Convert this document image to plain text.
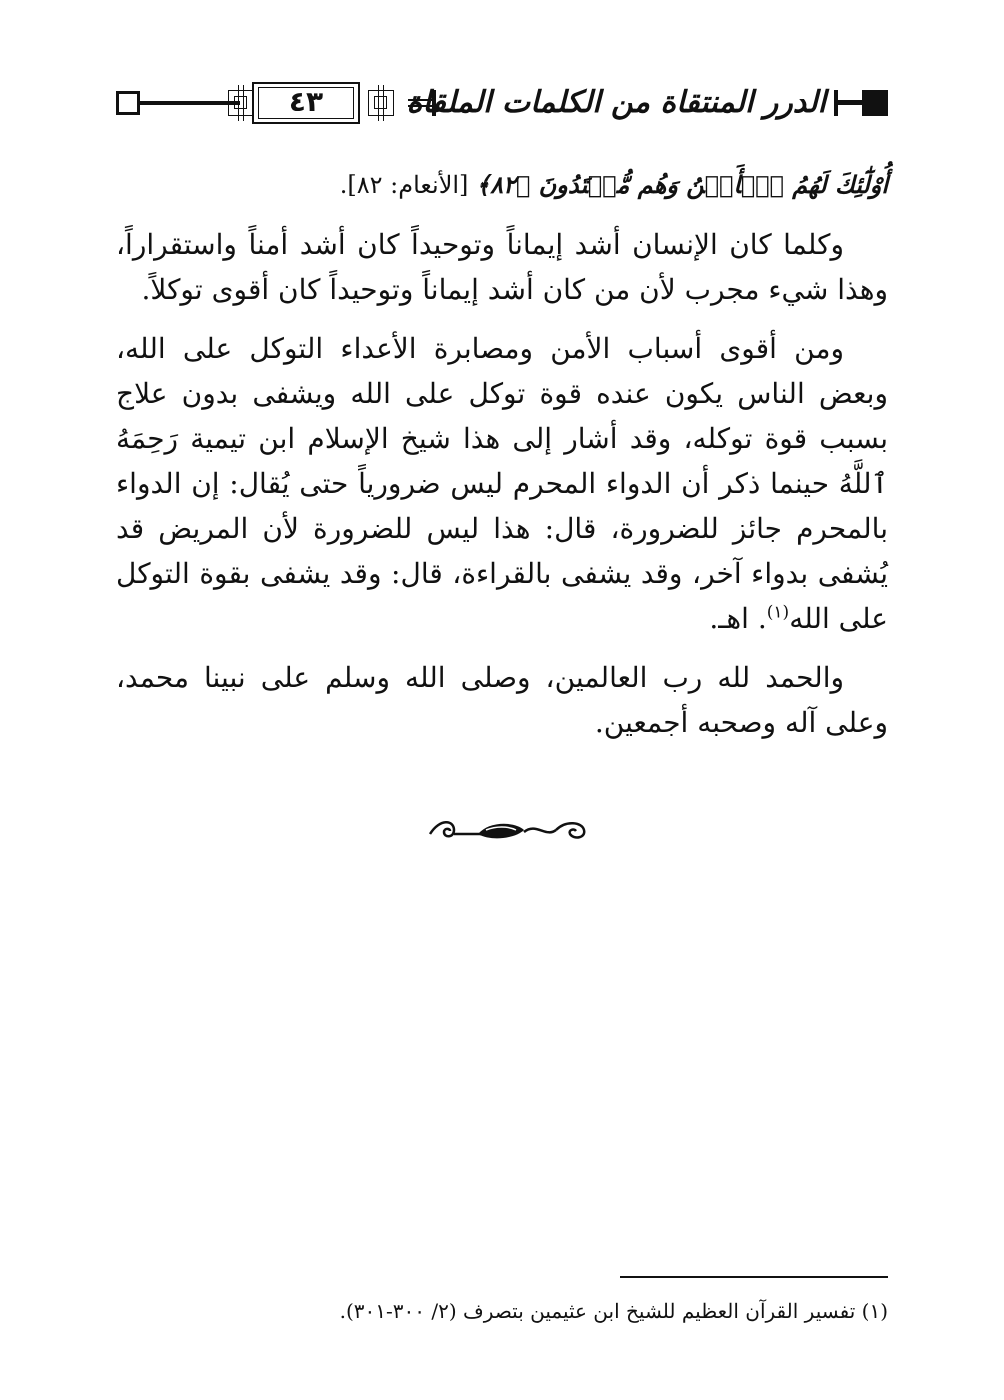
٤٣	الدرر المنتقاة من الكلمات الملقاة

أُوْلَٰٓئِكَ لَهُمُ ٱلۡأَمۡنُ وَهُم مُّهۡتَدُونَ ﴿٨٢﴾ [الأنعام: ٨٢].

وكلما كان الإنسان أشد إيماناً وتوحيداً كان أشد أمناً واستقراراً، وهذا شيء مجرب لأن من كان أشد إيماناً وتوحيداً كان أقوى توكلاً.

ومن أقوى أسباب الأمن ومصابرة الأعداء التوكل على الله، وبعض الناس يكون عنده قوة توكل على الله ويشفى بدون علاج بسبب قوة توكله، وقد أشار إلى هذا شيخ الإسلام ابن تيمية رَحِمَهُ ٱللَّهُ حينما ذكر أن الدواء المحرم ليس ضرورياً حتى يُقال: إن الدواء بالمحرم جائز للضرورة، قال: هذا ليس للضرورة لأن المريض قد يُشفى بدواء آخر، وقد يشفى بالقراءة، قال: وقد يشفى بقوة التوكل على الله$^{(١)}$. اهـ.

والحمد لله رب العالمين، وصلى الله وسلم على نبينا محمد، وعلى آله وصحبه أجمعين.

(١) تفسير القرآن العظيم للشيخ ابن عثيمين بتصرف (٢/ ٣٠٠-٣٠١).
